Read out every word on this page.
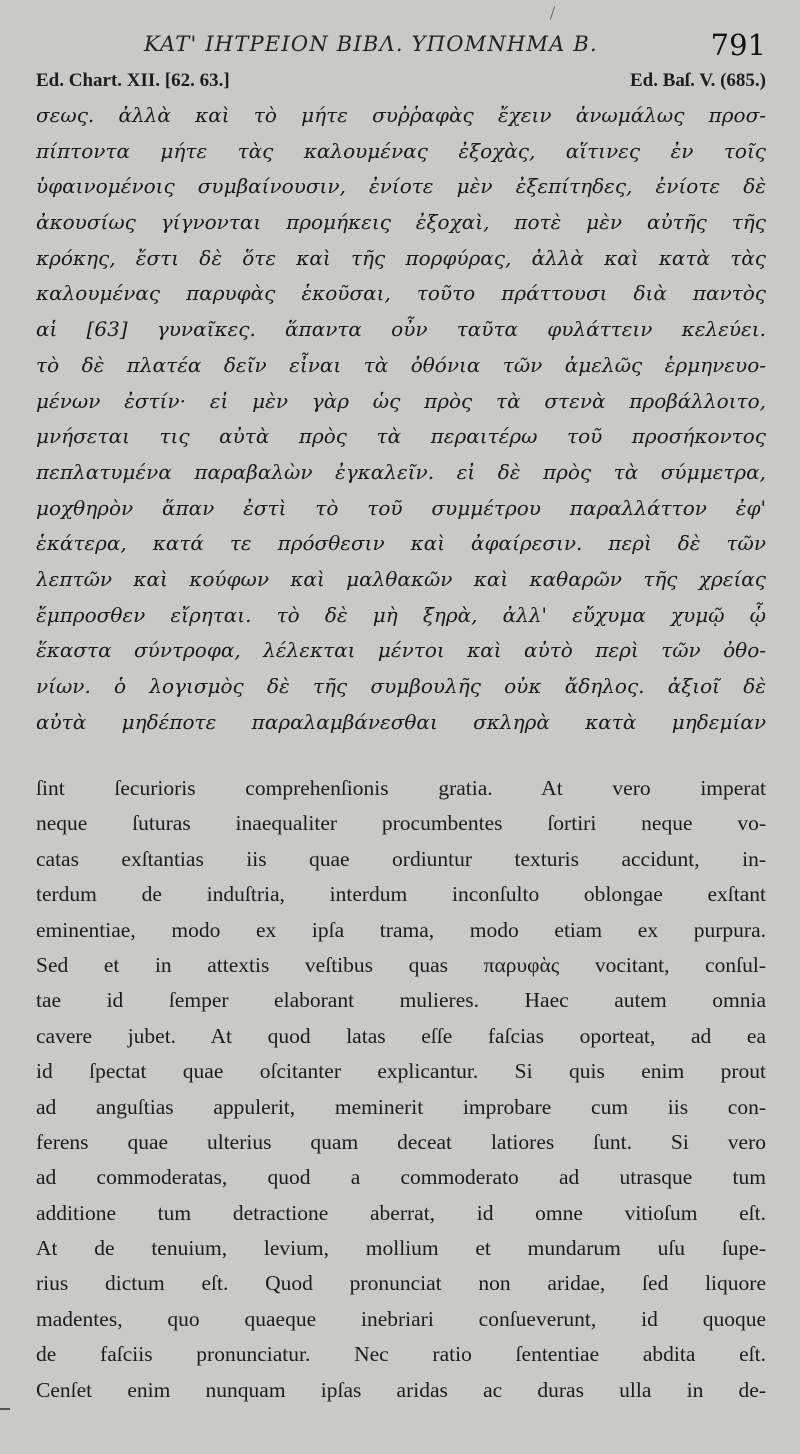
KAT' ΙΗΤΡΕΙΟΝ ΒΙΒΛ. ΥΠΟΜΝΗΜΑ Β.	791
Ed. Chart. XII. [62. 63.]	Ed. Baſ. V. (685.)
σεως. ἀλλὰ καὶ τὸ μήτε συῤῥαφὰς ἔχειν ἀνωμάλως προσ-
πίπτοντα μήτε τὰς καλουμένας ἐξοχὰς, αἵτινες ἐν τοῖς
ὑφαινομένοις συμβαίνουσιν, ἐνίοτε μὲν ἐξεπίτηδες, ἐνίοτε δὲ
ἀκουσίως γίγνονται προμήκεις ἐξοχαὶ, ποτὲ μὲν αὐτῆς τῆς
κρόκης, ἔστι δὲ ὅτε καὶ τῆς πορφύρας, ἀλλὰ καὶ κατὰ τὰς
καλουμένας παρυφὰς ἑκοῦσαι, τοῦτο πράττουσι διὰ παντὸς
αἱ [63] γυναῖκες. ἅπαντα οὖν ταῦτα φυλάττειν κελεύει.
τὸ δὲ πλατέα δεῖν εἶναι τὰ ὀθόνια τῶν ἀμελῶς ἑρμηνευο-
μένων ἐστίν· εἰ μὲν γὰρ ὡς πρὸς τὰ στενὰ προβάλλοιτο,
μνήσεται τις αὐτὰ πρὸς τὰ περαιτέρω τοῦ προσήκοντος
πεπλατυμένα παραβαλὼν ἐγκαλεῖν. εἰ δὲ πρὸς τὰ σύμμετρα,
μοχθηρὸν ἅπαν ἐστὶ τὸ τοῦ συμμέτρου παραλλάττον ἐφ'
ἑκάτερα, κατά τε πρόσθεσιν καὶ ἀφαίρεσιν. περὶ δὲ τῶν
λεπτῶν καὶ κούφων καὶ μαλθακῶν καὶ καθαρῶν τῆς χρείας
ἔμπροσθεν εἴρηται. τὸ δὲ μὴ ξηρὰ, ἀλλ' εὔχυμα χυμῷ ᾧ
ἕκαστα σύντροφα, λέλεκται μέντοι καὶ αὐτὸ περὶ τῶν ὀθο-
νίων. ὁ λογισμὸς δὲ τῆς συμβουλῆς οὐκ ἄδηλος. ἀξιοῖ δὲ
αὐτὰ μηδέποτε παραλαμβάνεσθαι σκληρὰ κατὰ μηδεμίαν
ſint ſecurioris comprehenſionis gratia. At vero imperat
neque ſuturas inaequaliter procumbentes ſortiri neque vo-
catas exſtantias iis quae ordiuntur texturis accidunt, in-
terdum de induſtria, interdum inconſulto oblongae exſtant
eminentiae, modo ex ipſa trama, modo etiam ex purpura.
Sed et in attextis veſtibus quas παρυφὰς vocitant, conſul-
tae id ſemper elaborant mulieres. Haec autem omnia
cavere jubet. At quod latas eſſe faſcias oporteat, ad ea
id ſpectat quae oſcitanter explicantur. Si quis enim prout
ad anguſtias appulerit, meminerit improbare cum iis con-
ferens quae ulterius quam deceat latiores ſunt. Si vero
ad commoderatas, quod a commoderato ad utrasque tum
additione tum detractione aberrat, id omne vitioſum eſt.
At de tenuium, levium, mollium et mundarum uſu ſupe-
rius dictum eſt. Quod pronunciat non aridae, ſed liquore
madentes, quo quaeque inebriari conſueverunt, id quoque
de faſciis pronunciatur. Nec ratio ſententiae abdita eſt.
Cenſet enim nunquam ipſas aridas ac duras ulla in de-
